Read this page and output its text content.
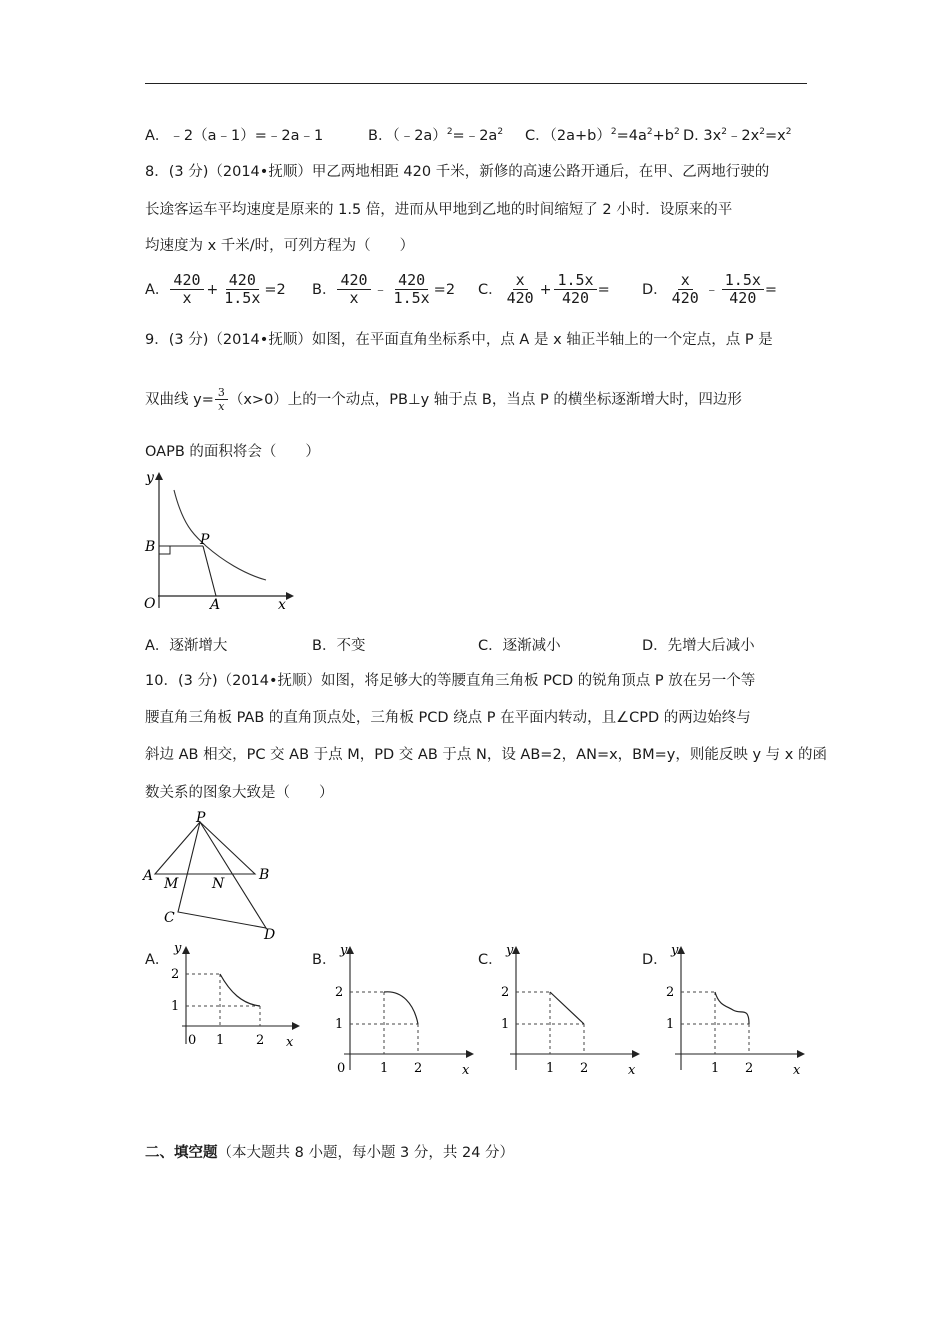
A．﹣2（a﹣1）=﹣2a﹣1	B．$(﹣2a)^2=﹣2a^2$ C．$(2a+b)^2=4a^2+b^2$ D. $3x^2﹣2x^2=x^2$
8．(3 分)（2014•抚顺）甲乙两地相距 420 千米，新修的高速公路开通后，在甲、乙两地行驶的
长途客运车平均速度是原来的 1.5 倍，进而从甲地到乙地的时间缩短了 2 小时．设原来的平
均速度为 x 千米/时，可列方程为（　　）
A． $\frac{420}{x} + \frac{420}{1.5x} =2$ B． $\frac{420}{x}$ ﹣ $\frac{420}{1.5x} =2$ C． $\frac{x}{420} + \frac{1.5x}{420} = D$． $\frac{x}{420}$ ﹣ $\frac{1.5x}{420}$ =
9．(3 分)（2014•抚顺）如图，在平面直角坐标系中，点 A 是 x 轴正半轴上的一个定点，点 P 是
双曲线 $y= \frac{3}{x} (x>0)$上的一个动点，PB⊥y 轴于点 B，当点 P 的横坐标逐渐增大时，四边形
OAPB 的面积将会（　　）
y
B	P
O	A	x
A．逐渐增大	B．不变	C．逐渐减小	D．先增大后减小
10．(3 分)（2014•抚顺）如图，将足够大的等腰直角三角板 PCD 的锐角顶点 P 放在另一个等
腰直角三角板 PAB 的直角顶点处，三角板 PCD 绕点 P 在平面内转动，且∠CPD 的两边始终与
斜边 AB 相交，PC 交 AB 于点 M，PD 交 AB 于点 N，设 AB=2，AN=x，BM=y，则能反映 y 与 x 的函
数关系的图象大致是（　　）
P
A M N
B
C
D
A．
y
2
1
0 1 2 x
B．
y
2
1
0	1 2	x
C．
y
2
1
1 2	x
D．
y
2
1
1 2	x
二、填空题（本大题共 8 小题，每小题 3 分，共 24 分）
